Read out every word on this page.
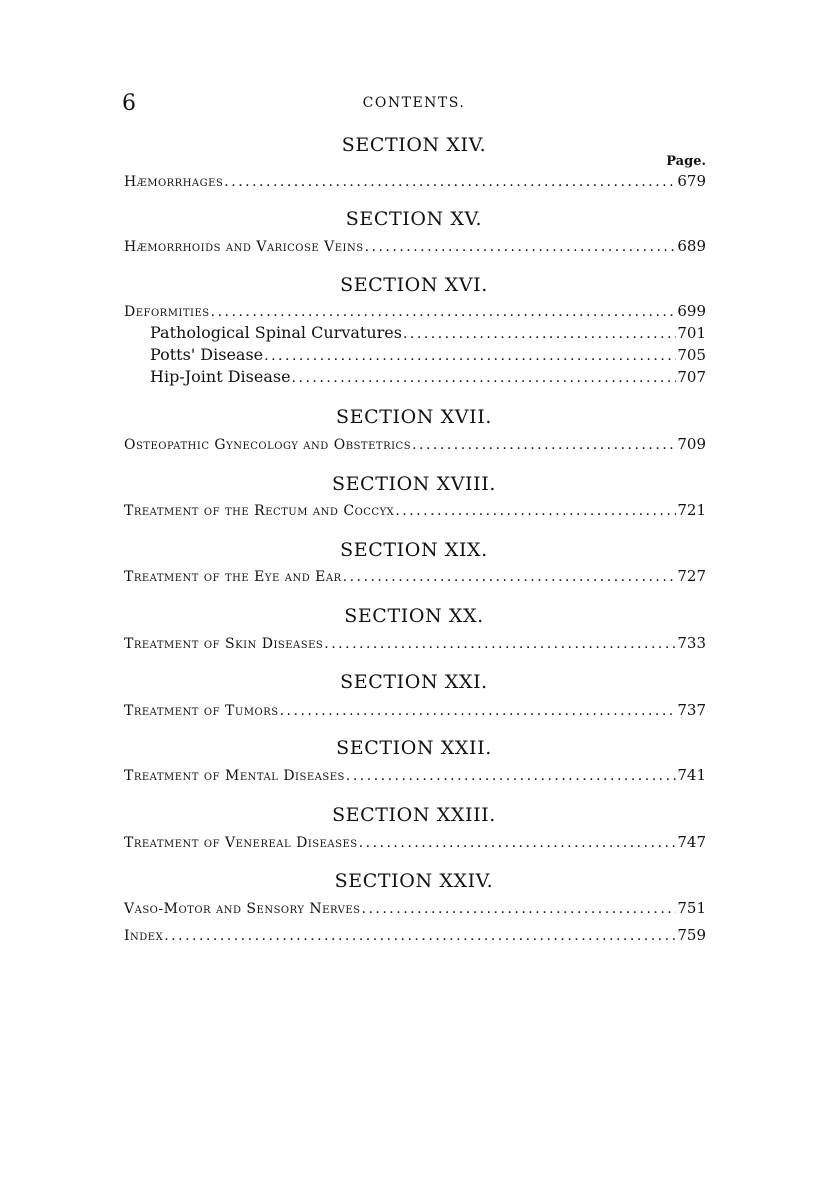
6	CONTENTS.
SECTION XIV.
Page.
Hæmorrhages .....	679
SECTION XV.
Hæmorrhoids and Varicose Veins .....	689
SECTION XVI.
Deformities .....	699
Pathological Spinal Curvatures .....	701
Potts' Disease .....	705
Hip-Joint Disease .....	707
SECTION XVII.
Osteopathic Gynecology and Obstetrics .....	709
SECTION XVIII.
Treatment of the Rectum and Coccyx .....	721
SECTION XIX.
Treatment of the Eye and Ear .....	727
SECTION XX.
Treatment of Skin Diseases .....	733
SECTION XXI.
Treatment of Tumors .....	737
SECTION XXII.
Treatment of Mental Diseases .....	741
SECTION XXIII.
Treatment of Venereal Diseases .....	747
SECTION XXIV.
Vaso-Motor and Sensory Nerves .....	751
Index .....	759
